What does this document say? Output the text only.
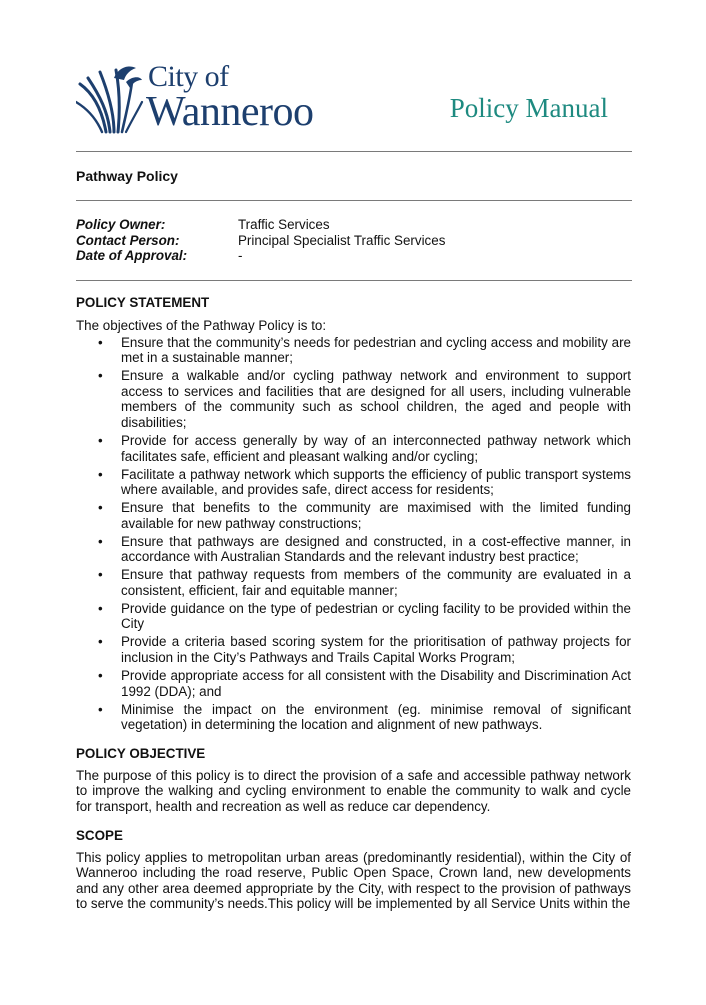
City of
Wanneroo	Policy Manual
Pathway Policy
Policy Owner:	Traffic Services
Contact Person:	Principal Specialist Traffic Services
Date of Approval:	-
POLICY STATEMENT
The objectives of the Pathway Policy is to:
• Ensure that the community’s needs for pedestrian and cycling access and mobility are met in a sustainable manner;
• Ensure a walkable and/or cycling pathway network and environment to support access to services and facilities that are designed for all users, including vulnerable members of the community such as school children, the aged and people with disabilities;
• Provide for access generally by way of an interconnected pathway network which facilitates safe, efficient and pleasant walking and/or cycling;
• Facilitate a pathway network which supports the efficiency of public transport systems where available, and provides safe, direct access for residents;
• Ensure that benefits to the community are maximised with the limited funding available for new pathway constructions;
• Ensure that pathways are designed and constructed, in a cost-effective manner, in accordance with Australian Standards and the relevant industry best practice;
• Ensure that pathway requests from members of the community are evaluated in a consistent, efficient, fair and equitable manner;
• Provide guidance on the type of pedestrian or cycling facility to be provided within the City
• Provide a criteria based scoring system for the prioritisation of pathway projects for inclusion in the City’s Pathways and Trails Capital Works Program;
• Provide appropriate access for all consistent with the Disability and Discrimination Act 1992 (DDA); and
• Minimise the impact on the environment (eg. minimise removal of significant vegetation) in determining the location and alignment of new pathways.
POLICY OBJECTIVE
The purpose of this policy is to direct the provision of a safe and accessible pathway network to improve the walking and cycling environment to enable the community to walk and cycle for transport, health and recreation as well as reduce car dependency.
SCOPE
This policy applies to metropolitan urban areas (predominantly residential), within the City of Wanneroo including the road reserve, Public Open Space, Crown land, new developments and any other area deemed appropriate by the City, with respect to the provision of pathways to serve the community’s needs.This policy will be implemented by all Service Units within the
